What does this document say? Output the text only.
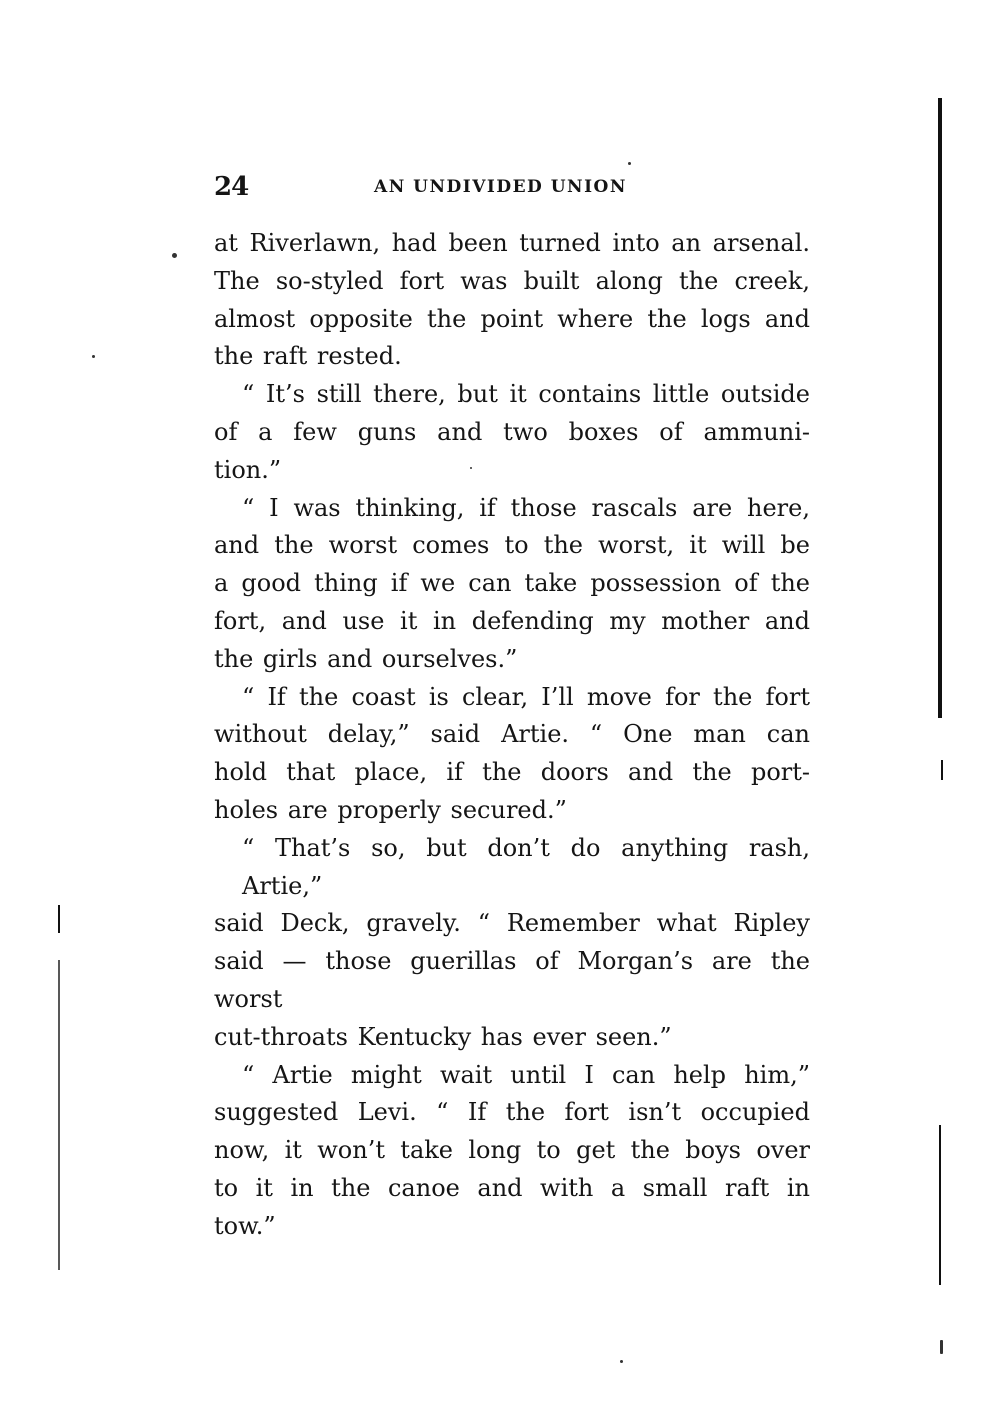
24	AN UNDIVIDED UNION

at Riverlawn, had been turned into an arsenal.
The so-styled fort was built along the creek,
almost opposite the point where the logs and
the raft rested.

“ It’s still there, but it contains little outside
of a few guns and two boxes of ammuni-
tion.”

“ I was thinking, if those rascals are here,
and the worst comes to the worst, it will be
a good thing if we can take possession of the
fort, and use it in defending my mother and
the girls and ourselves.”

“ If the coast is clear, I’ll move for the fort
without delay,” said Artie. “ One man can
hold that place, if the doors and the port-
holes are properly secured.”

“ That’s so, but don’t do anything rash, Artie,”
said Deck, gravely. “ Remember what Ripley
said — those guerillas of Morgan’s are the worst
cut-throats Kentucky has ever seen.”

“ Artie might wait until I can help him,”
suggested Levi. “ If the fort isn’t occupied
now, it won’t take long to get the boys over
to it in the canoe and with a small raft in
tow.”
